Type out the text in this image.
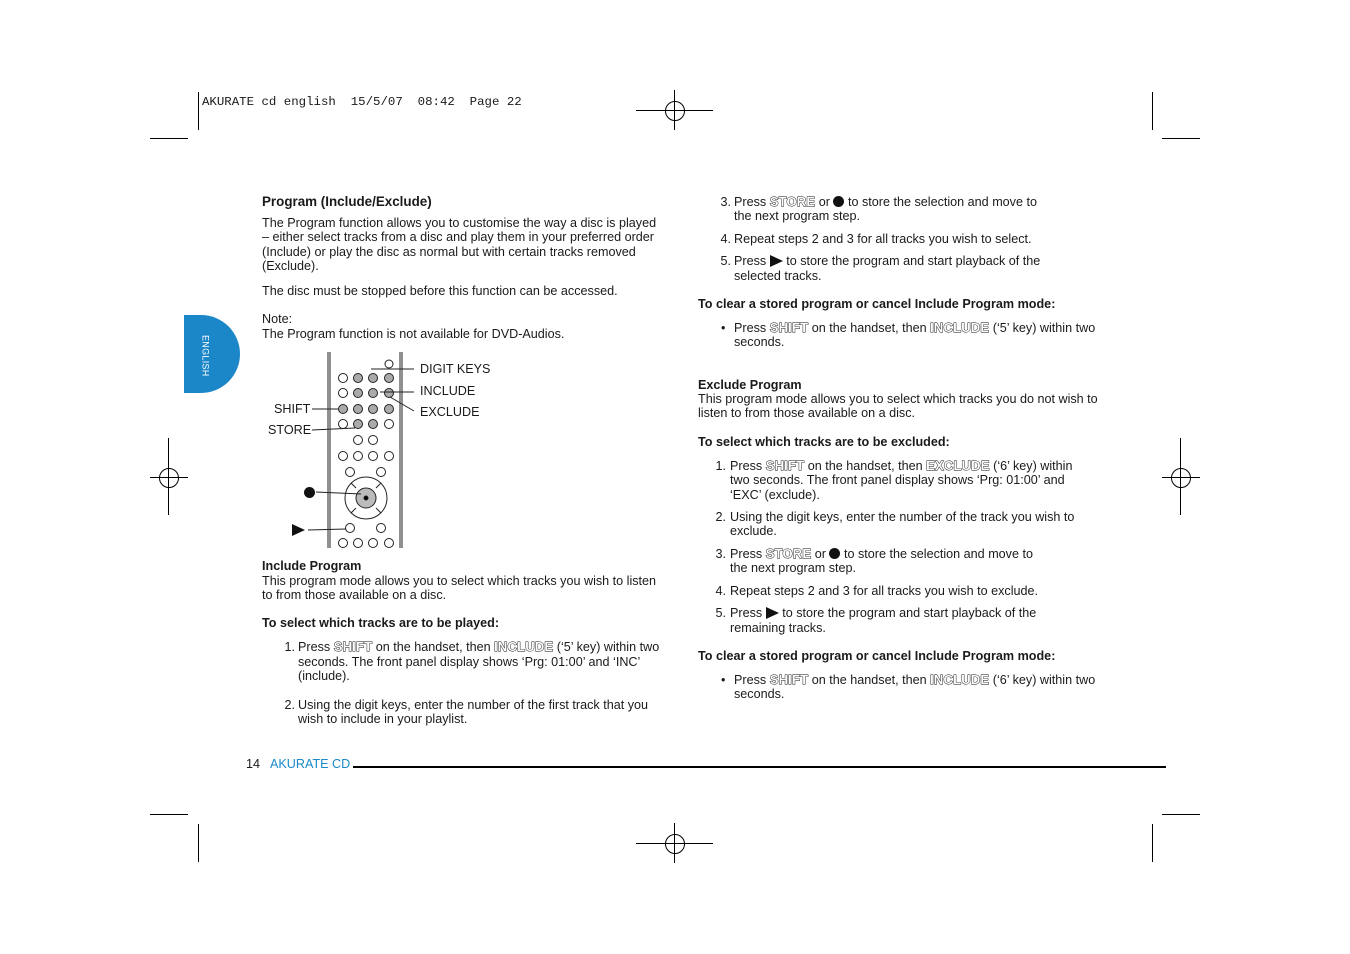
AKURATE cd english  15/5/07  08:42  Page 22
ENGLISH
Program (Include/Exclude)

The Program function allows you to customise the way a disc is played – either select tracks from a disc and play them in your preferred order (Include) or play the disc as normal but with certain tracks removed (Exclude).

The disc must be stopped before this function can be accessed.

Note:

The Program function is not available for DVD-Audios.

DIGIT KEYS
INCLUDE
EXCLUDE
SHIFT
STORE

Include Program

This program mode allows you to select which tracks you wish to listen to from those available on a disc.

To select which tracks are to be played:

1. Press SHIFT on the handset, then INCLUDE (‘5’ key) within two
seconds. The front panel display shows ‘Prg: 01:00’ and ‘INC’
(include).
2. Using the digit keys, enter the number of the first track that you
wish to include in your playlist.
3. Press STORE or to store the selection and move to
the next program step.
4. Repeat steps 2 and 3 for all tracks you wish to select.
5. Press to store the program and start playback of the
selected tracks.

To clear a stored program or cancel Include Program mode:

• Press SHIFT on the handset, then INCLUDE (‘5’ key) within two
seconds.

Exclude Program

This program mode allows you to select which tracks you do not wish to listen to from those available on a disc.

To select which tracks are to be excluded:

1. Press SHIFT on the handset, then EXCLUDE (‘6’ key) within
two seconds. The front panel display shows ‘Prg: 01:00’ and
‘EXC’ (exclude).
2. Using the digit keys, enter the number of the track you wish to
exclude.
3. Press STORE or to store the selection and move to
the next program step.
4. Repeat steps 2 and 3 for all tracks you wish to exclude.
5. Press to store the program and start playback of the
remaining tracks.

To clear a stored program or cancel Include Program mode:

• Press SHIFT on the handset, then INCLUDE (‘6’ key) within two
seconds.
14 AKURATE CD
